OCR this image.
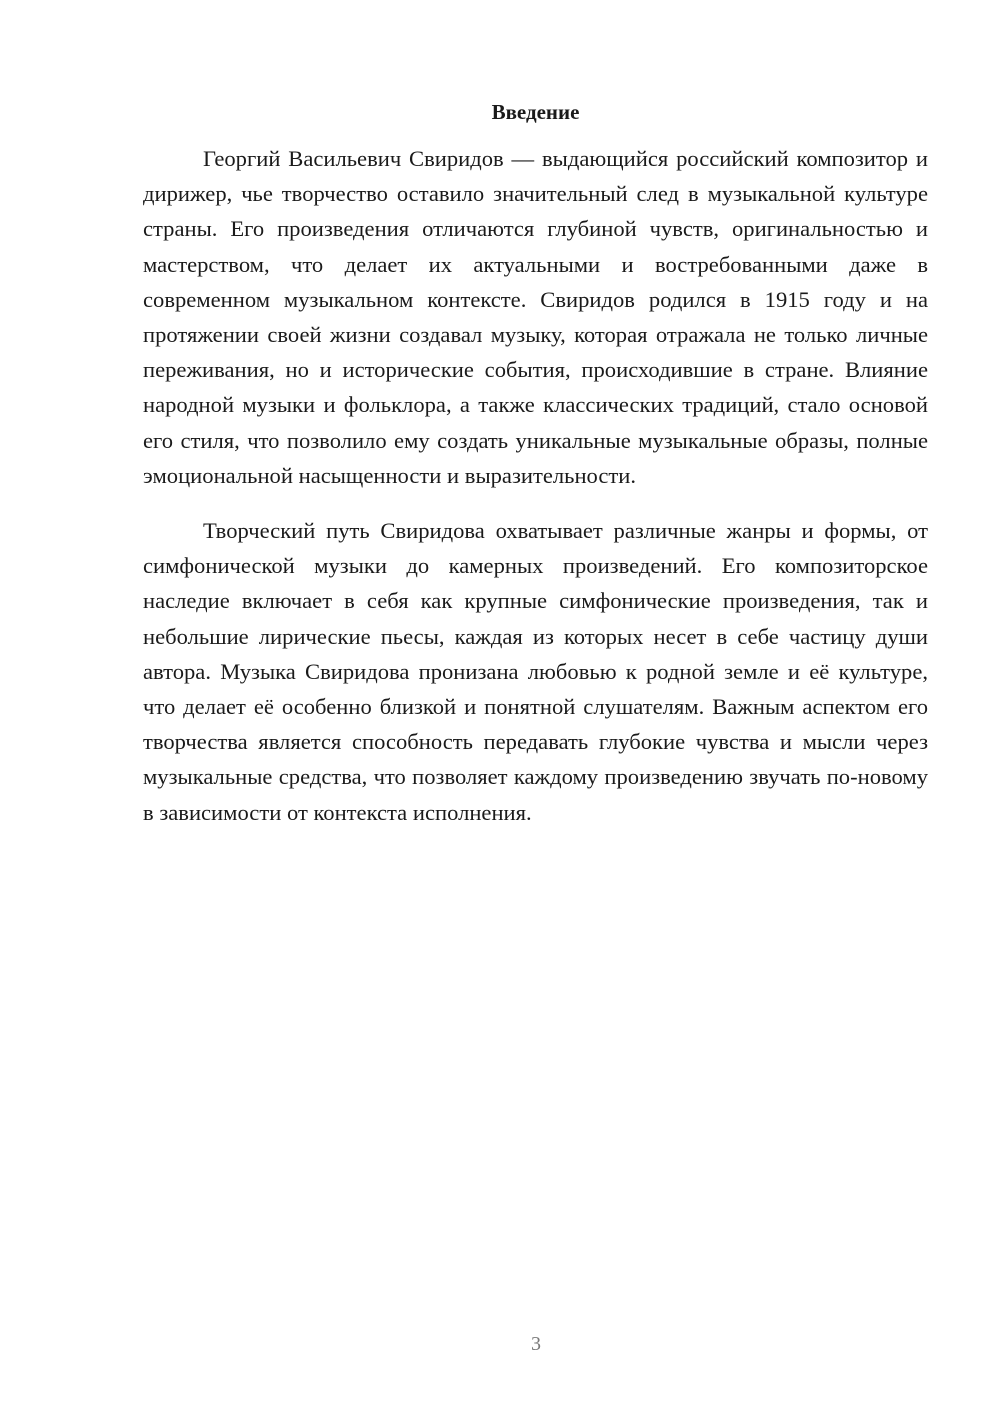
Введение

Георгий Васильевич Свиридов — выдающийся российский композитор и дирижер, чье творчество оставило значительный след в музыкальной культуре страны. Его произведения отличаются глубиной чувств, оригинальностью и мастерством, что делает их актуальными и востребованными даже в современном музыкальном контексте. Свиридов родился в 1915 году и на протяжении своей жизни создавал музыку, которая отражала не только личные переживания, но и исторические события, происходившие в стране. Влияние народной музыки и фольклора, а также классических традиций, стало основой его стиля, что позволило ему создать уникальные музыкальные образы, полные эмоциональной насыщенности и выразительности.

Творческий путь Свиридова охватывает различные жанры и формы, от симфонической музыки до камерных произведений. Его композиторское наследие включает в себя как крупные симфонические произведения, так и небольшие лирические пьесы, каждая из которых несет в себе частицу души автора. Музыка Свиридова пронизана любовью к родной земле и её культуре, что делает её особенно близкой и понятной слушателям. Важным аспектом его творчества является способность передавать глубокие чувства и мысли через музыкальные средства, что позволяет каждому произведению звучать по-новому в зависимости от контекста исполнения.

3
